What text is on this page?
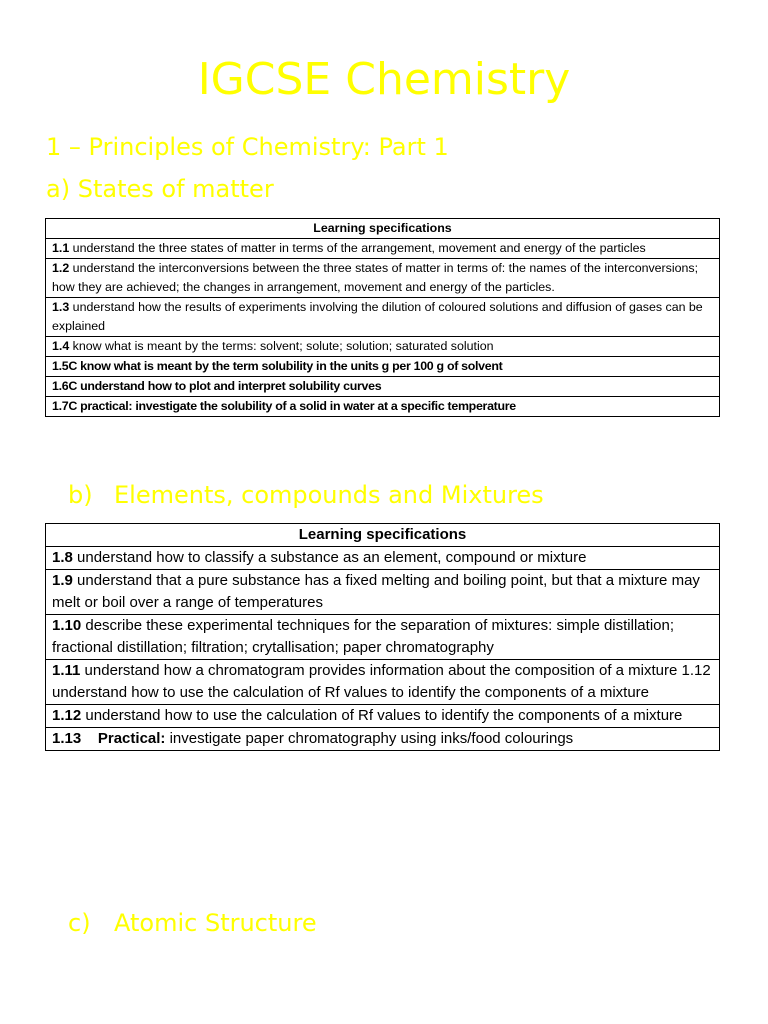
IGCSE Chemistry
1 – Principles of Chemistry: Part 1
a) States of matter
Learning specifications
1.1 understand the three states of matter in terms of the arrangement, movement and energy of the particles
1.2 understand the interconversions between the three states of matter in terms of: the names of the interconversions; how they are achieved; the changes in arrangement, movement and energy of the particles.
1.3 understand how the results of experiments involving the dilution of coloured solutions and diffusion of gases can be explained
1.4 know what is meant by the terms: solvent; solute; solution; saturated solution
1.5C know what is meant by the term solubility in the units g per 100 g of solvent
1.6C understand how to plot and interpret solubility curves
1.7C practical: investigate the solubility of a solid in water at a specific temperature
b) Elements, compounds and Mixtures
Learning specifications
1.8 understand how to classify a substance as an element, compound or mixture
1.9 understand that a pure substance has a fixed melting and boiling point, but that a mixture may melt or boil over a range of temperatures
1.10 describe these experimental techniques for the separation of mixtures: simple distillation; fractional distillation; filtration; crytallisation; paper chromatography
1.11 understand how a chromatogram provides information about the composition of a mixture 1.12 understand how to use the calculation of Rf values to identify the components of a mixture
1.12 understand how to use the calculation of Rf values to identify the components of a mixture
1.13 Practical: investigate paper chromatography using inks/food colourings
c) Atomic Structure
